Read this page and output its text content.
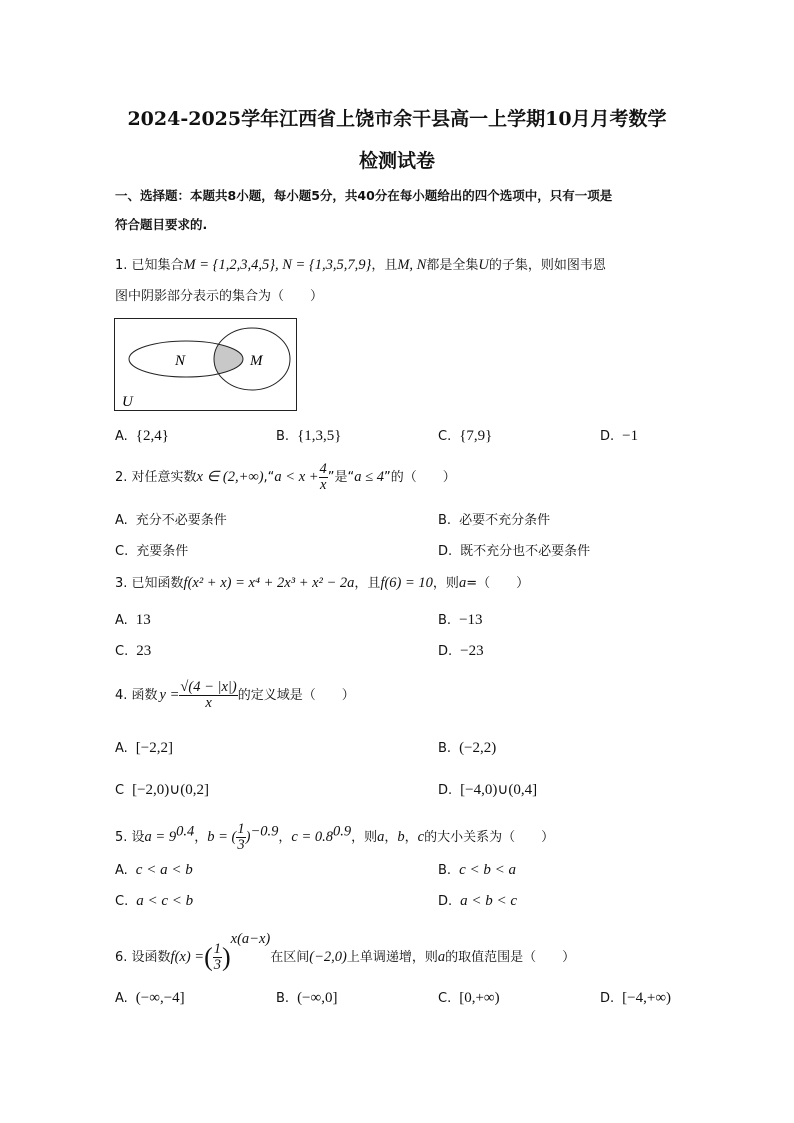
2024-2025学年江西省上饶市余干县高一上学期10月月考数学
检测试卷
一、选择题：本题共8小题，每小题5分，共40分在每小题给出的四个选项中，只有一项是
符合题目要求的.
1. 已知集合M = {1,2,3,4,5}, N = {1,3,5,7,9}，且M, N都是全集U的子集，则如图韦恩
图中阴影部分表示的集合为（　　）
N	M
U
A. {2,4}	B. {1,3,5}	C. {7,9}	D. −1
2. 对任意实数x ∈ (2,+∞),“a < $x + \frac{4}{x}$ ”是“a ≤ 4”的（　　）
A. 充分不必要条件	B. 必要不充分条件
C. 充要条件	D. 既不充分也不必要条件
3. 已知函数f(x² + x) = x⁴ + 2x³ + x² − 2a，且f(6) = 10，则a=（　　）
A. 13	B. −13
C. 23	D. −23
4. 函数 $y = \frac{√(4 - |x|)}{x}$ 的定义域是（　　）
A. [−2,2]	B. (−2,2)
C [−2,0)∪(0,2]	D. [−4,0)∪(0,4]
5. 设$a = 9^{0.4}$，b = ( $\frac{1}{3} )^{-0.9}$，$c = 0.8^{0.9}$，则a，b，c的大小关系为（　　）
A. c < a < b	B. c < b < a
C. a < c < b	D. a < b < c
6. 设函数f(x) =( $\frac{1}{3} )^{x(a-x)}$在区间(−2,0)上单调递增，则a的取值范围是（　　）
A. (−∞,−4]	B. (−∞,0]	C. [0,+∞)	D. [−4,+∞)
